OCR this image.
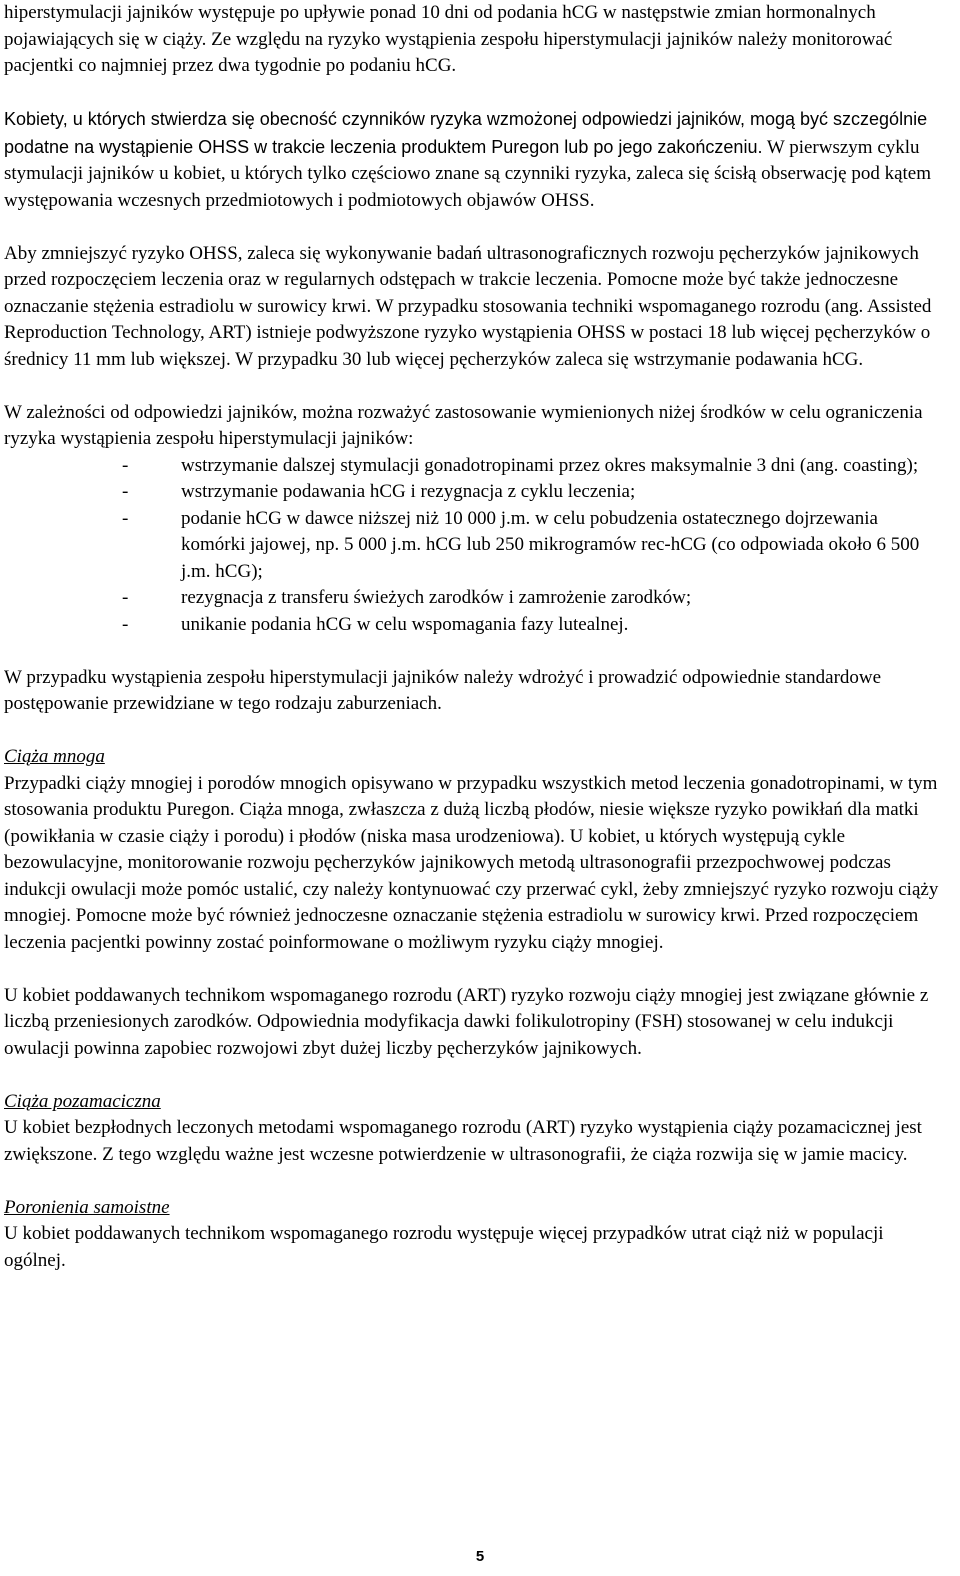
hiperstymulacji jajników występuje po upływie ponad 10 dni od podania hCG w następstwie zmian hormonalnych pojawiających się w ciąży. Ze względu na ryzyko wystąpienia zespołu hiperstymulacji jajników należy monitorować pacjentki co najmniej przez dwa tygodnie po podaniu hCG.

Kobiety, u których stwierdza się obecność czynników ryzyka wzmożonej odpowiedzi jajników, mogą być szczególnie podatne na wystąpienie OHSS w trakcie leczenia produktem Puregon lub po jego zakończeniu. W pierwszym cyklu stymulacji jajników u kobiet, u których tylko częściowo znane są czynniki ryzyka, zaleca się ścisłą obserwację pod kątem występowania wczesnych przedmiotowych i podmiotowych objawów OHSS.

Aby zmniejszyć ryzyko OHSS, zaleca się wykonywanie badań ultrasonograficznych rozwoju pęcherzyków jajnikowych przed rozpoczęciem leczenia oraz w regularnych odstępach w trakcie leczenia. Pomocne może być także jednoczesne oznaczanie stężenia estradiolu w surowicy krwi. W przypadku stosowania techniki wspomaganego rozrodu (ang. Assisted Reproduction Technology, ART) istnieje podwyższone ryzyko wystąpienia OHSS w postaci 18 lub więcej pęcherzyków o średnicy 11 mm lub większej. W przypadku 30 lub więcej pęcherzyków zaleca się wstrzymanie podawania hCG.

W zależności od odpowiedzi jajników, można rozważyć zastosowanie wymienionych niżej środków w celu ograniczenia ryzyka wystąpienia zespołu hiperstymulacji jajników:

-	wstrzymanie dalszej stymulacji gonadotropinami przez okres maksymalnie 3 dni (ang. coasting);
-	wstrzymanie podawania hCG i rezygnacja z cyklu leczenia;
-	podanie hCG w dawce niższej niż 10 000 j.m. w celu pobudzenia ostatecznego dojrzewania komórki jajowej, np. 5 000 j.m. hCG lub 250 mikrogramów rec-hCG (co odpowiada około 6 500 j.m. hCG);
-	rezygnacja z transferu świeżych zarodków i zamrożenie zarodków;
-	unikanie podania hCG w celu wspomagania fazy lutealnej.

W przypadku wystąpienia zespołu hiperstymulacji jajników należy wdrożyć i prowadzić odpowiednie standardowe postępowanie przewidziane w tego rodzaju zaburzeniach.

Ciąża mnoga

Przypadki ciąży mnogiej i porodów mnogich opisywano w przypadku wszystkich metod leczenia gonadotropinami, w tym stosowania produktu Puregon. Ciąża mnoga, zwłaszcza z dużą liczbą płodów, niesie większe ryzyko powikłań dla matki (powikłania w czasie ciąży i porodu) i płodów (niska masa urodzeniowa). U kobiet, u których występują cykle bezowulacyjne, monitorowanie rozwoju pęcherzyków jajnikowych metodą ultrasonografii przezpochwowej podczas indukcji owulacji może pomóc ustalić, czy należy kontynuować czy przerwać cykl, żeby zmniejszyć ryzyko rozwoju ciąży mnogiej. Pomocne może być również jednoczesne oznaczanie stężenia estradiolu w surowicy krwi. Przed rozpoczęciem leczenia pacjentki powinny zostać poinformowane o możliwym ryzyku ciąży mnogiej.

U kobiet poddawanych technikom wspomaganego rozrodu (ART) ryzyko rozwoju ciąży mnogiej jest związane głównie z liczbą przeniesionych zarodków. Odpowiednia modyfikacja dawki folikulotropiny (FSH) stosowanej w celu indukcji owulacji powinna zapobiec rozwojowi zbyt dużej liczby pęcherzyków jajnikowych.

Ciąża pozamaciczna

U kobiet bezpłodnych leczonych metodami wspomaganego rozrodu (ART) ryzyko wystąpienia ciąży pozamacicznej jest zwiększone. Z tego względu ważne jest wczesne potwierdzenie w ultrasonografii, że ciąża rozwija się w jamie macicy.

Poronienia samoistne

U kobiet poddawanych technikom wspomaganego rozrodu występuje więcej przypadków utrat ciąż niż w populacji ogólnej.

5
